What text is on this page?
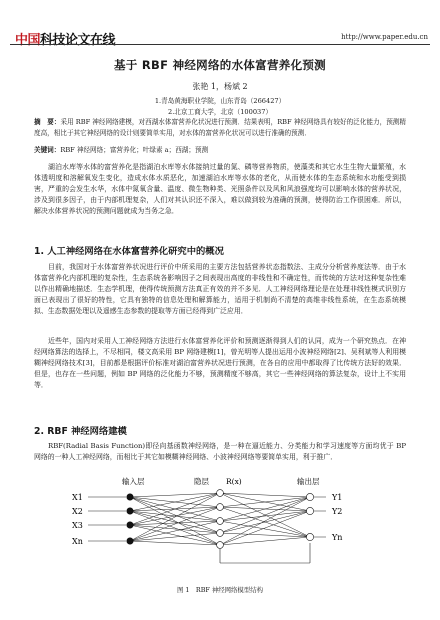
中国科技论文在线	http://www.paper.edu.cn
基于 RBF 神经网络的水体富营养化预测
张艳 1，杨斌 2
1.青岛黄海职业学院，山东青岛（266427）
2.北京工商大学，北京（100037）
摘　要：采用 RBF 神经网络建模，对西湖水体富营养化状况进行预测．结果表明，RBF 神经网络具有较好的泛化能力，预测精度高，相比于其它神经网络的设计则要简单实用，对水体的富营养化状况可以进行准确的预测．
关键词：RBF 神经网络；富营养化；叶绿素 a；西湖；预测
湖泊水库等水体的富营养化是指湖泊水库等水体接纳过量的氮、磷等营养物质，使藻类和其它水生生物大量繁殖，水体透明度和溶解氧发生变化，造成水体水质恶化，加速湖泊水库等水体的老化，从而使水体的生态系统和水功能受到损害，严重的会发生水华，水体中氮氧含量、温度、微生物种类、光照条件以及风和风浪强度均可以影响水体的营养状况，涉及到很多因子，由于内部机理复杂，人们对其认识还不深入，难以做到较为准确的预测，使得防治工作很困难．所以，解决水体营养状况的预测问题就成为当务之急．
1. 人工神经网络在水体富营养化研究中的概况
目前，我国对于水体富营养状况进行评价中所采用的主要方法包括营养状态指数法、主成分分析营养度法等．由于水体富营养化内部机理的复杂性，生态系统各影响因子之间表现出高度的非线性和不确定性，而传统的方法对这种复杂性难以作出精确地描述．生态学机理，使得传统预测方法真正有效的并不多见．人工神经网络理论是在处理非线性模式识别方面已表现出了很好的特性，它具有独特的信息处理和解算能力，适用于机制尚不清楚的高维非线性系统，在生态系统模拟、生态数据处理以及遥感生态参数的提取等方面已经得到广泛应用．
近些年，国内对采用人工神经网络方法进行水体富营养化评价和预测逐渐得到人们的认同，成为一个研究热点．在神经网络算法的选择上，不尽相同，楼文高采用 BP 网络建模[1]，曾光明等人提出运用小波神经网络[2]、吴利斌等人利用模糊神经网络技术[3]，目前都是根据评价标准对湖泊富营养状况进行预测，在各自的应用中都取得了比传统方法好的效果．但是，也存在一些问题，例如 BP 网络的泛化能力不够，预测精度不够高，其它一些神经网络的算法复杂，设计上不实用等．
2. RBF 神经网络建模
RBF(Radial Basis Function)即径向基函数神经网络，是一种在逼近能力、分类能力和学习速度等方面均优于 BP 网络的一种人工神经网络，而相比于其它如模糊神经网络、小波神经网络等要简单实用，利于推广．
输入层	隐层 R(x)	输出层
X1
X2
X3
Xn
Y1
Y2
Yn
图 1　RBF 神经网络模型结构
